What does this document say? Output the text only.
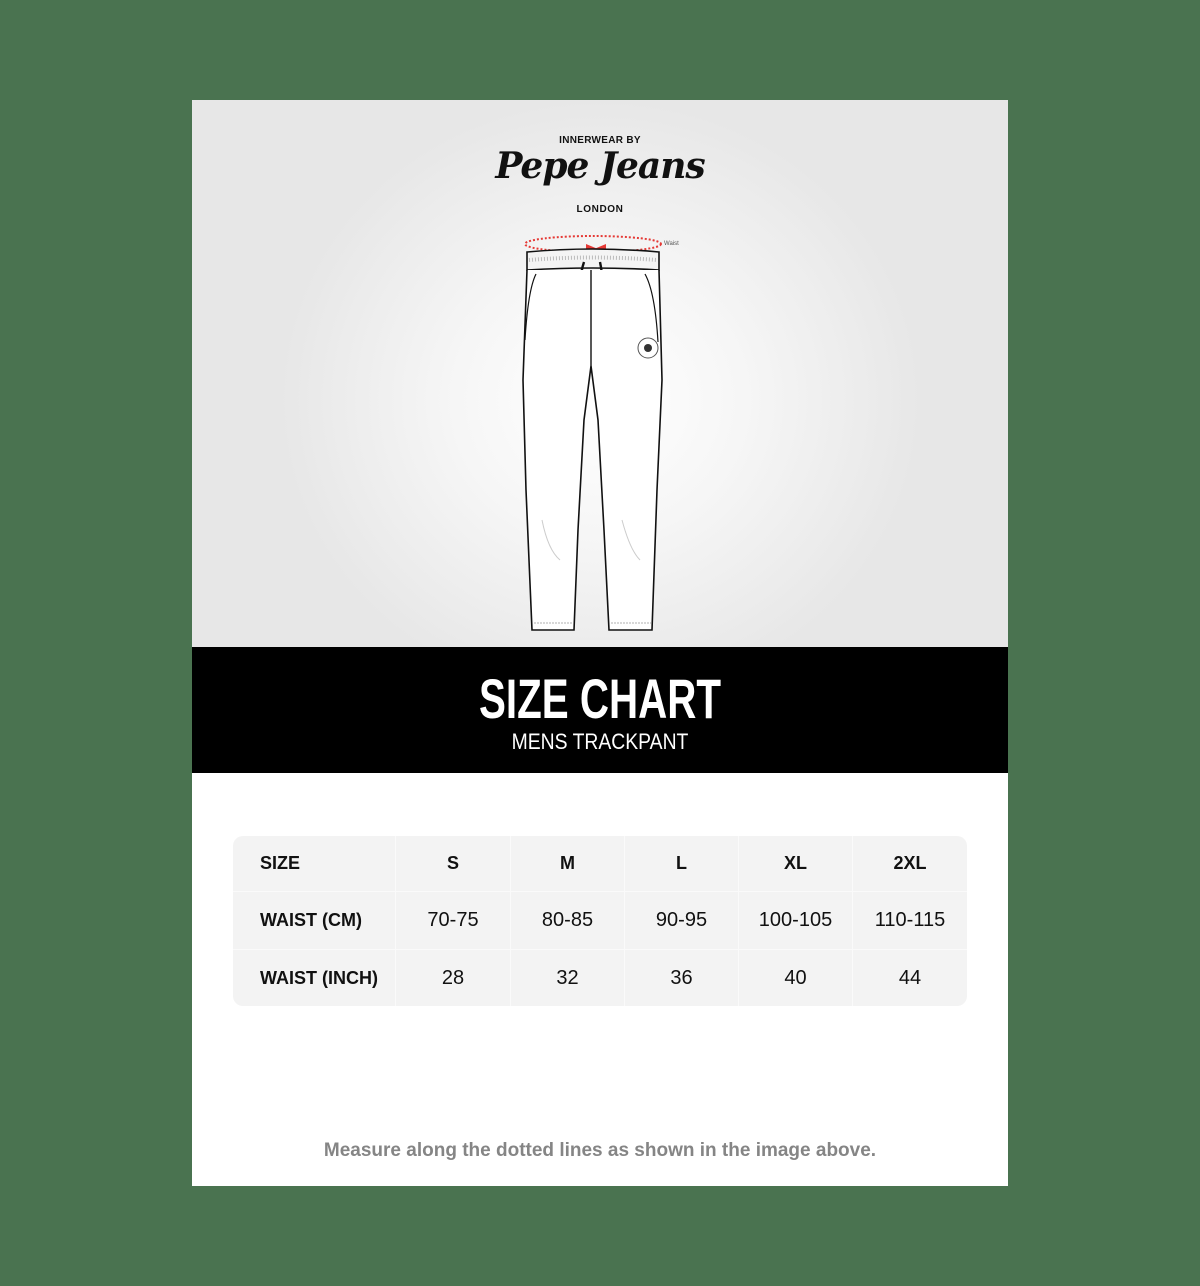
INNERWEAR BY
Pepe Jeans
LONDON
Waist
SIZE CHART
MENS TRACKPANT
SIZE	S	M	L	XL	2XL
WAIST (CM)	70-75	80-85	90-95	100-105	110-115
WAIST (INCH)	28	32	36	40	44
Measure along the dotted lines as shown in the image above.
